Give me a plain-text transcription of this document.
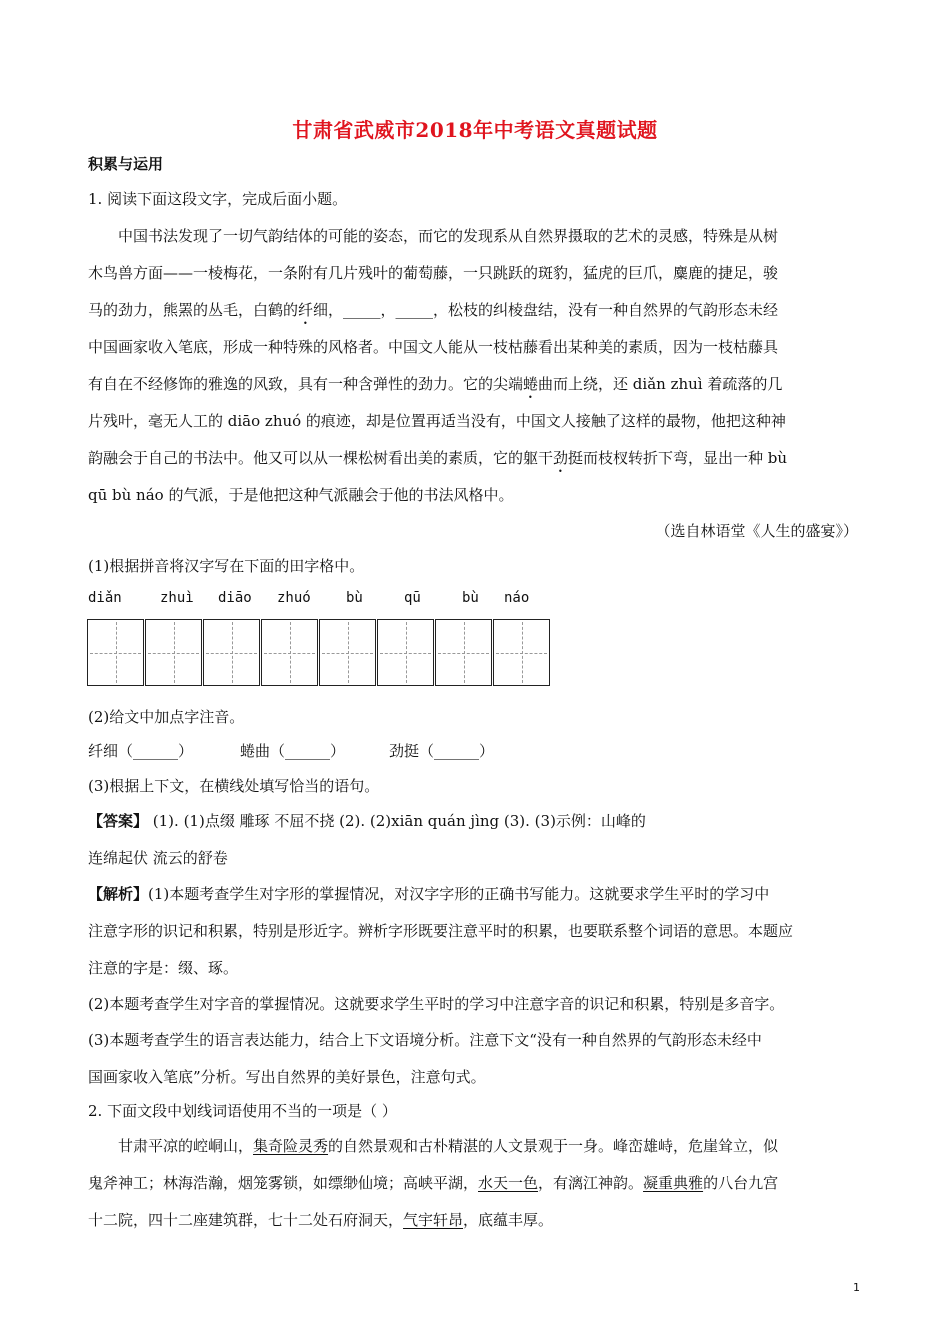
甘肃省武威市2018年中考语文真题试题
积累与运用
1. 阅读下面这段文字，完成后面小题。
中国书法发现了一切气韵结体的可能的姿态，而它的发现系从自然界摄取的艺术的灵感，特殊是从树
木鸟兽方面——一棱梅花，一条附有几片残叶的葡萄藤，一只跳跃的斑豹，猛虎的巨爪，麋鹿的捷足，骏
马的劲力，熊罴的丛毛，白鹤的纤细，_____，_____，松枝的纠棱盘结，没有一种自然界的气韵形态未经
中国画家收入笔底，形成一种特殊的风格者。中国文人能从一枝枯藤看出某种美的素质，因为一枝枯藤具
有自在不经修饰的雅逸的风致，具有一种含弹性的劲力。它的尖端蜷曲而上绕，还 diǎn zhuì 着疏落的几
片残叶，毫无人工的 diāo zhuó 的痕迹，却是位置再适当没有，中国文人接触了这样的最物，他把这种神
韵融会于自己的书法中。他又可以从一棵松树看出美的素质，它的躯干劲挺而枝杈转折下弯，显出一种 bù
qū bù náo 的气派，于是他把这种气派融会于他的书法风格中。
（选自林语堂《人生的盛宴》）
(1)根据拼音将汉字写在下面的田字格中。
diǎn	zhuì diāo zhuó	bù	qū	bù náo
(2)给文中加点字注音。
纤细（______）	蜷曲（______）	劲挺（______）
(3)根据上下文，在横线处填写恰当的语句。
【答案】 (1). (1)点缀 雕琢 不屈不挠 (2). (2)xiān quán jìng (3). (3)示例：山峰的
连绵起伏 流云的舒卷
【解析】(1)本题考查学生对字形的掌握情况，对汉字字形的正确书写能力。这就要求学生平时的学习中
注意字形的识记和积累，特别是形近字。辨析字形既要注意平时的积累，也要联系整个词语的意思。本题应
注意的字是：缀、琢。
(2)本题考查学生对字音的掌握情况。这就要求学生平时的学习中注意字音的识记和积累，特别是多音字。
(3)本题考查学生的语言表达能力，结合上下文语境分析。注意下文“没有一种自然界的气韵形态未经中
国画家收入笔底”分析。写出自然界的美好景色，注意句式。
2. 下面文段中划线词语使用不当的一项是（ ）
甘肃平凉的崆峒山，集奇险灵秀的自然景观和古朴精湛的人文景观于一身。峰峦雄峙，危崖耸立，似
鬼斧神工；林海浩瀚，烟笼雾锁，如缥缈仙境；高峡平湖，水天一色，有漓江神韵。凝重典雅的八台九宫
十二院，四十二座建筑群，七十二处石府洞天，气宇轩昂，底蕴丰厚。
1
